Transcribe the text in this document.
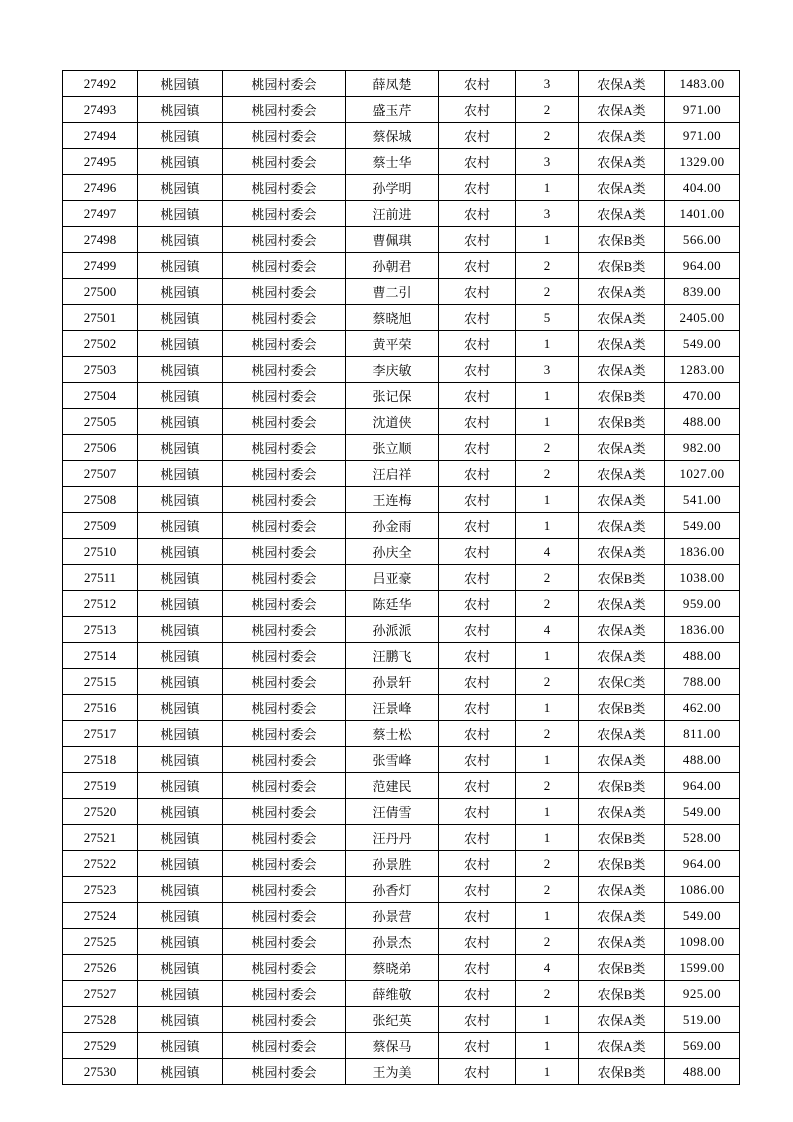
27492	桃园镇	桃园村委会	薛凤楚	农村	3	农保A类	1483.00
27493	桃园镇	桃园村委会	盛玉芹	农村	2	农保A类	971.00
27494	桃园镇	桃园村委会	蔡保城	农村	2	农保A类	971.00
27495	桃园镇	桃园村委会	蔡士华	农村	3	农保A类	1329.00
27496	桃园镇	桃园村委会	孙学明	农村	1	农保A类	404.00
27497	桃园镇	桃园村委会	汪前进	农村	3	农保A类	1401.00
27498	桃园镇	桃园村委会	曹佩琪	农村	1	农保B类	566.00
27499	桃园镇	桃园村委会	孙朝君	农村	2	农保B类	964.00
27500	桃园镇	桃园村委会	曹二引	农村	2	农保A类	839.00
27501	桃园镇	桃园村委会	蔡晓旭	农村	5	农保A类	2405.00
27502	桃园镇	桃园村委会	黄平荣	农村	1	农保A类	549.00
27503	桃园镇	桃园村委会	李庆敏	农村	3	农保A类	1283.00
27504	桃园镇	桃园村委会	张记保	农村	1	农保B类	470.00
27505	桃园镇	桃园村委会	沈道侠	农村	1	农保B类	488.00
27506	桃园镇	桃园村委会	张立顺	农村	2	农保A类	982.00
27507	桃园镇	桃园村委会	汪启祥	农村	2	农保A类	1027.00
27508	桃园镇	桃园村委会	王连梅	农村	1	农保A类	541.00
27509	桃园镇	桃园村委会	孙金雨	农村	1	农保A类	549.00
27510	桃园镇	桃园村委会	孙庆全	农村	4	农保A类	1836.00
27511	桃园镇	桃园村委会	吕亚豪	农村	2	农保B类	1038.00
27512	桃园镇	桃园村委会	陈廷华	农村	2	农保A类	959.00
27513	桃园镇	桃园村委会	孙派派	农村	4	农保A类	1836.00
27514	桃园镇	桃园村委会	汪鹏飞	农村	1	农保A类	488.00
27515	桃园镇	桃园村委会	孙景轩	农村	2	农保C类	788.00
27516	桃园镇	桃园村委会	汪景峰	农村	1	农保B类	462.00
27517	桃园镇	桃园村委会	蔡士松	农村	2	农保A类	811.00
27518	桃园镇	桃园村委会	张雪峰	农村	1	农保A类	488.00
27519	桃园镇	桃园村委会	范建民	农村	2	农保B类	964.00
27520	桃园镇	桃园村委会	汪倩雪	农村	1	农保A类	549.00
27521	桃园镇	桃园村委会	汪丹丹	农村	1	农保B类	528.00
27522	桃园镇	桃园村委会	孙景胜	农村	2	农保B类	964.00
27523	桃园镇	桃园村委会	孙香灯	农村	2	农保A类	1086.00
27524	桃园镇	桃园村委会	孙景营	农村	1	农保A类	549.00
27525	桃园镇	桃园村委会	孙景杰	农村	2	农保A类	1098.00
27526	桃园镇	桃园村委会	蔡晓弟	农村	4	农保B类	1599.00
27527	桃园镇	桃园村委会	薛维敬	农村	2	农保B类	925.00
27528	桃园镇	桃园村委会	张纪英	农村	1	农保A类	519.00
27529	桃园镇	桃园村委会	蔡保马	农村	1	农保A类	569.00
27530	桃园镇	桃园村委会	王为美	农村	1	农保B类	488.00
